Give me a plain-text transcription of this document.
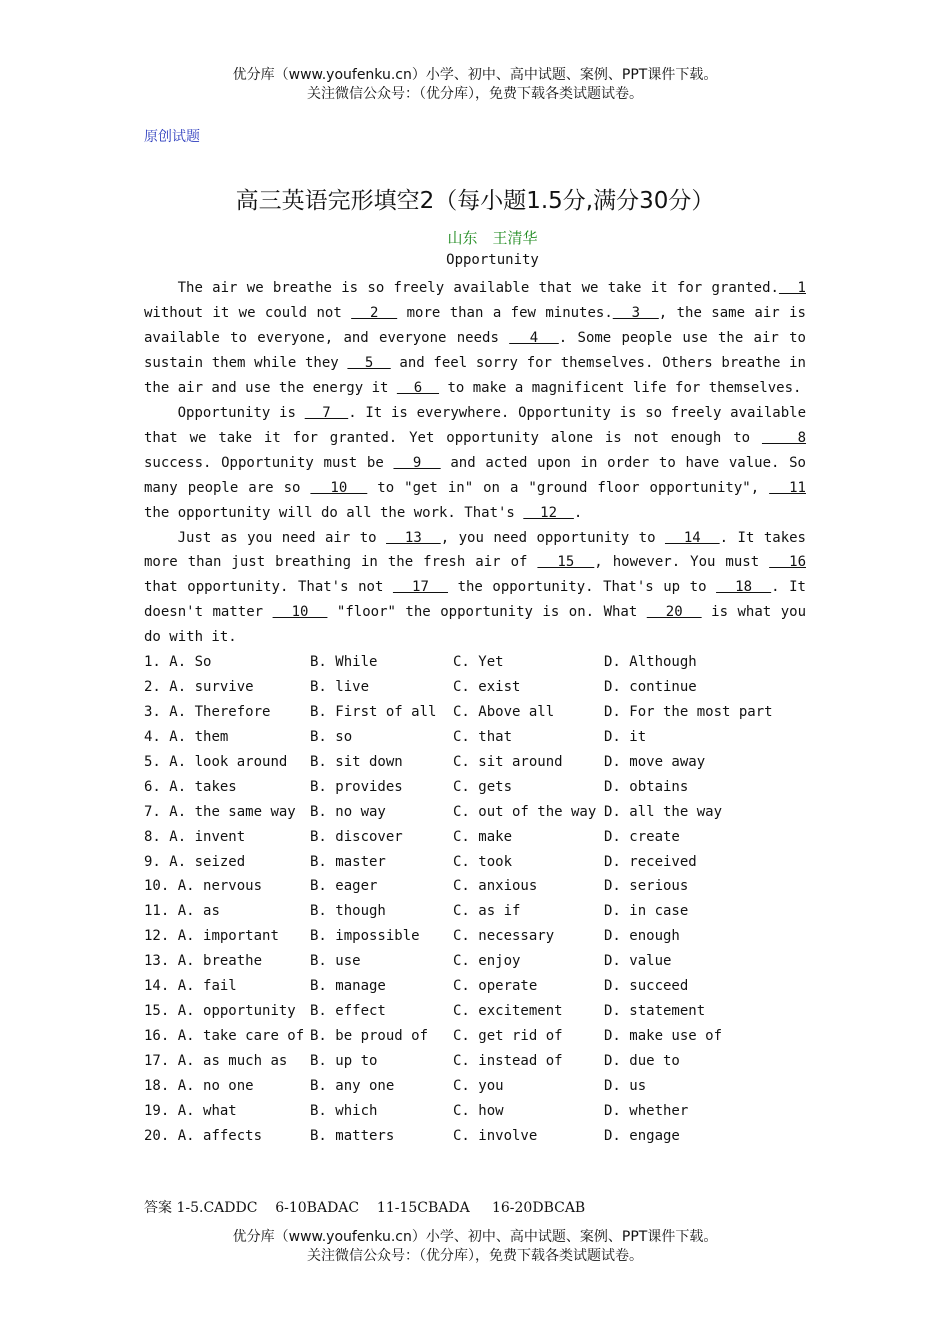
优分库（www.youfenku.cn）小学、初中、高中试题、案例、PPT课件下载。
关注微信公众号：（优分库），免费下载各类试题试卷。
原创试题
高三英语完形填空2（每小题1.5分,满分30分）
山东　王清华
Opportunity

The air we breathe is so freely available that we take it for granted.  1 without it we could not   2   more than a few minutes.  3  , the same air is available to everyone, and everyone needs   4  . Some people use the air to sustain them while they   5   and feel sorry for themselves. Others breathe in the air and use the energy it   6   to make a magnificent life for themselves.

Opportunity is   7  . It is everywhere. Opportunity is so freely available that we take it for granted. Yet opportunity alone is not enough to    8 success. Opportunity must be   9   and acted upon in order to have value. So many people are so   10   to "get in" on a "ground floor opportunity",   11 the opportunity will do all the work. That's   12  .

Just as you need air to   13  , you need opportunity to   14  . It takes more than just breathing in the fresh air of   15  , however. You must   16 that opportunity. That's not   17   the opportunity. That's up to   18  . It doesn't matter   10   "floor" the opportunity is on. What   20   is what you do with it.

1. A. So	B. While	C. Yet	D. Although
2. A. survive	B. live	C. exist	D. continue
3. A. Therefore	B. First of all C. Above all	D. For the most part
4. A. them	B. so	C. that	D. it
5. A. look around B. sit down	C. sit around	D. move away
6. A. takes	B. provides	C. gets	D. obtains
7. A. the same way B. no way	C. out of the way D. all the way
8. A. invent	B. discover	C. make	D. create
9. A. seized	B. master	C. took	D. received
10. A. nervous	B. eager	C. anxious	D. serious
11. A. as	B. though	C. as if	D. in case
12. A. important B. impossible C. necessary	D. enough
13. A. breathe	B. use	C. enjoy	D. value
14. A. fail	B. manage	C. operate	D. succeed
15. A. opportunity B. effect	C. excitement	D. statement
16. A. take care of B. be proud of C. get rid of	D. make use of
17. A. as much as B. up to	C. instead of	D. due to
18. A. no one	B. any one	C. you	D. us
19. A. what	B. which	C. how	D. whether
20. A. affects	B. matters	C. involve	D. engage
答案 1-5.CADDC    6-10BADAC    11-15CBADA     16-20DBCAB
优分库（www.youfenku.cn）小学、初中、高中试题、案例、PPT课件下载。
关注微信公众号：（优分库），免费下载各类试题试卷。
